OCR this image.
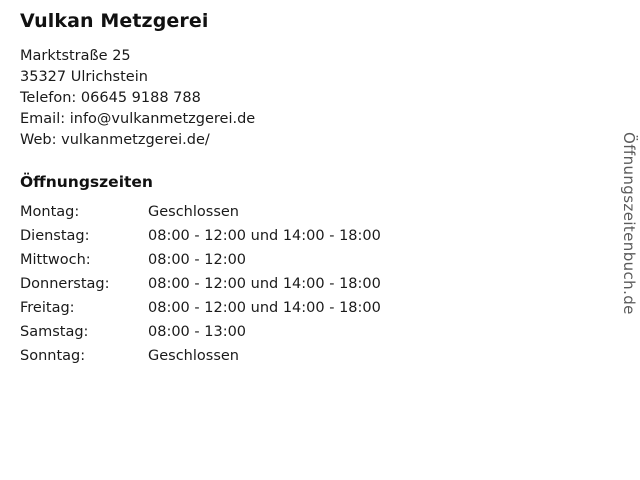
Vulkan Metzgerei
Marktstraße 25
35327 Ulrichstein
Telefon: 06645 9188 788
Email: info@vulkanmetzgerei.de
Web: vulkanmetzgerei.de/
Öffnungszeiten
Montag:	Geschlossen
Dienstag:	08:00 - 12:00 und 14:00 - 18:00
Mittwoch:	08:00 - 12:00
Donnerstag:	08:00 - 12:00 und 14:00 - 18:00
Freitag:	08:00 - 12:00 und 14:00 - 18:00
Samstag:	08:00 - 13:00
Sonntag:	Geschlossen
Öffnungszeitenbuch.de
